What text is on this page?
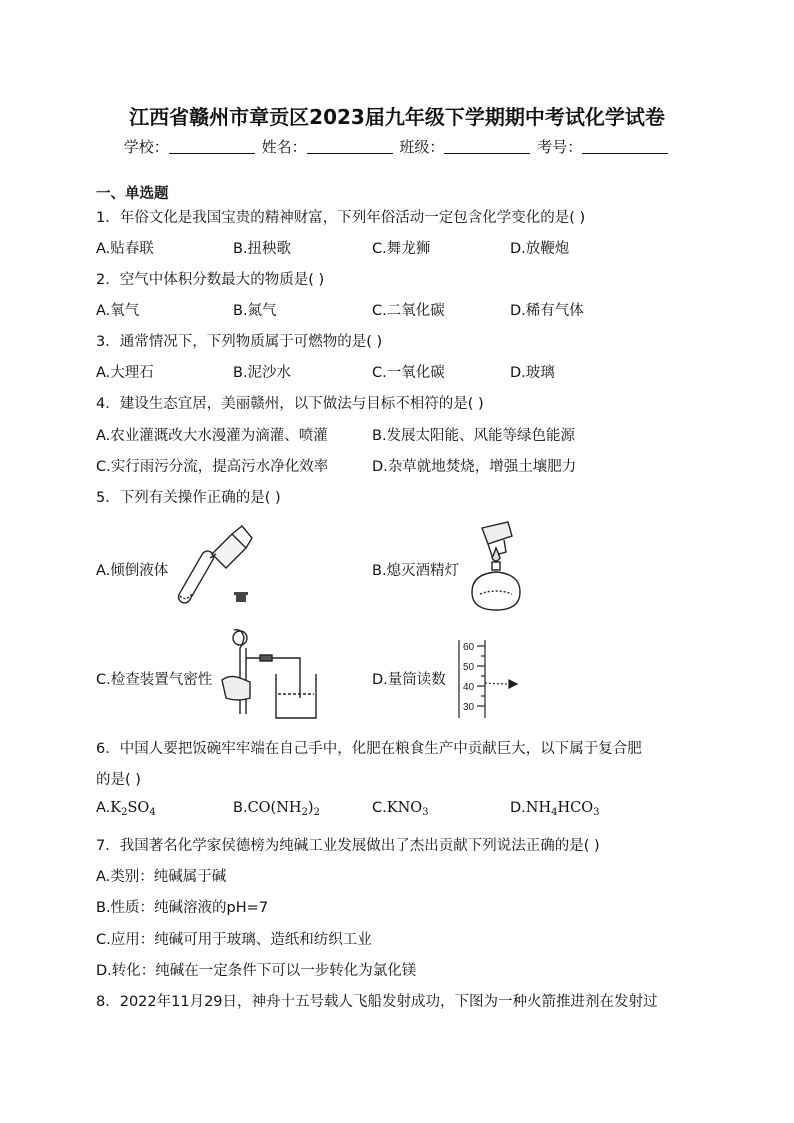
江西省赣州市章贡区2023届九年级下学期期中考试化学试卷
学校：	姓名：	班级：	考号：
一、单选题
1．年俗文化是我国宝贵的精神财富，下列年俗活动一定包含化学变化的是( )
A.贴春联	B.扭秧歌	C.舞龙狮	D.放鞭炮
2．空气中体积分数最大的物质是( )
A.氧气	B.氮气	C.二氧化碳	D.稀有气体
3．通常情况下，下列物质属于可燃物的是( )
A.大理石	B.泥沙水	C.一氧化碳	D.玻璃
4．建设生态宜居，美丽赣州，以下做法与目标不相符的是( )
A.农业灌溉改大水漫灌为滴灌、喷灌	B.发展太阳能、风能等绿色能源
C.实行雨污分流，提高污水净化效率	D.杂草就地焚烧，增强土壤肥力
5．下列有关操作正确的是( )
A.倾倒液体	B.熄灭酒精灯
C.检查装置气密性	D.量筒读数
60
50
40
30
6．中国人要把饭碗牢牢端在自己手中，化肥在粮食生产中贡献巨大，以下属于复合肥
的是( )
$A.K_2SO_4$	$B.CO(NH_2)_2$	$C.KNO_3$	$D.NH_4HCO_3$
7．我国著名化学家侯德榜为纯碱工业发展做出了杰出贡献下列说法正确的是( )
A.类别：纯碱属于碱
B.性质：纯碱溶液的pH=7
C.应用：纯碱可用于玻璃、造纸和纺织工业
D.转化：纯碱在一定条件下可以一步转化为氯化镁
8．2022年11月29日，神舟十五号载人飞船发射成功，下图为一种火箭推进剂在发射过
